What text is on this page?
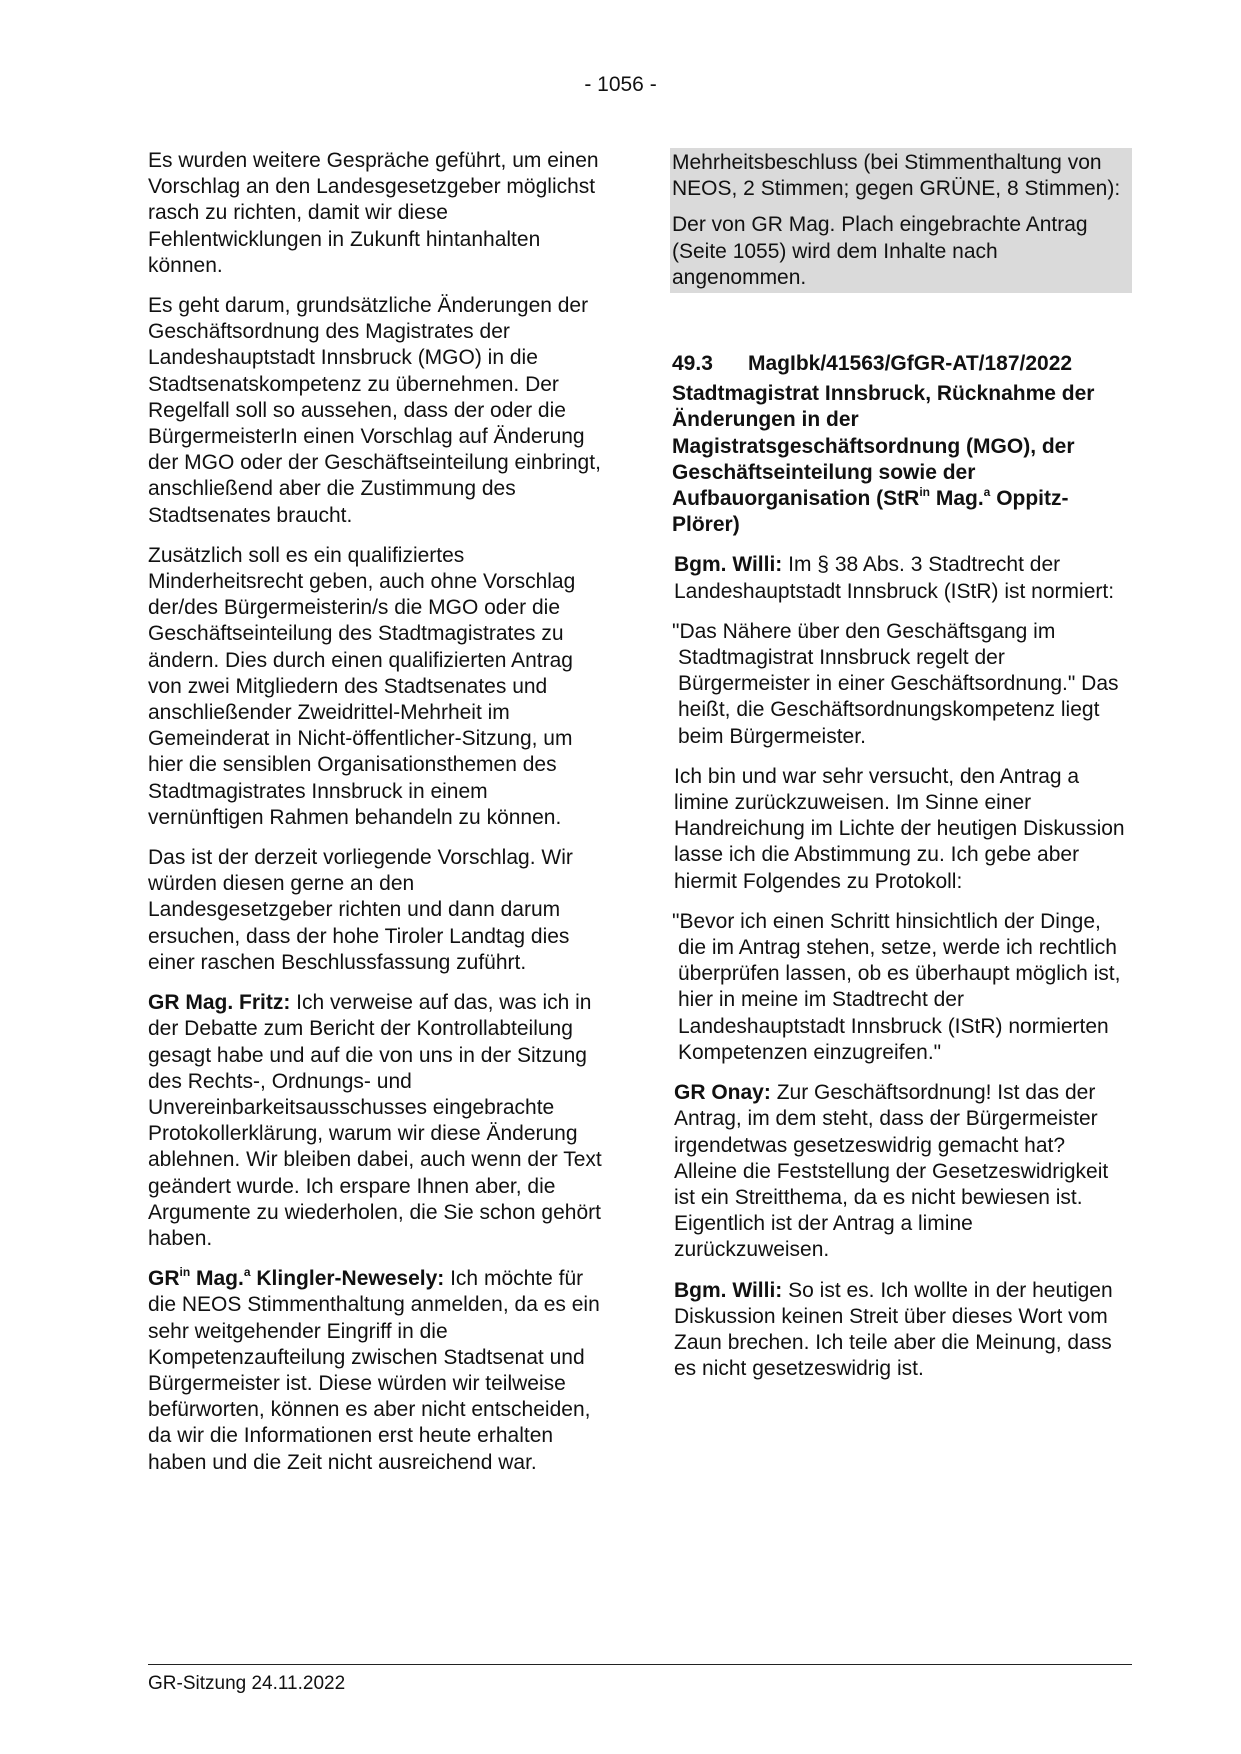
- 1056 -

Es wurden weitere Gespräche geführt, um einen Vorschlag an den Landesgesetzgeber möglichst rasch zu richten, damit wir diese Fehlentwicklungen in Zukunft hintanhalten können.

Es geht darum, grundsätzliche Änderungen der Geschäftsordnung des Magistrates der Landeshauptstadt Innsbruck (MGO) in die Stadtsenatskompetenz zu übernehmen. Der Regelfall soll so aussehen, dass der oder die BürgermeisterIn einen Vorschlag auf Änderung der MGO oder der Geschäftseinteilung einbringt, anschließend aber die Zustimmung des Stadtsenates braucht.

Zusätzlich soll es ein qualifiziertes Minderheitsrecht geben, auch ohne Vorschlag der/des Bürgermeisterin/s die MGO oder die Geschäftseinteilung des Stadtmagistrates zu ändern. Dies durch einen qualifizierten Antrag von zwei Mitgliedern des Stadtsenates und anschließender Zweidrittel-Mehrheit im Gemeinderat in Nicht-öffentlicher-Sitzung, um hier die sensiblen Organisationsthemen des Stadtmagistrates Innsbruck in einem vernünftigen Rahmen behandeln zu können.

Das ist der derzeit vorliegende Vorschlag. Wir würden diesen gerne an den Landesgesetzgeber richten und dann darum ersuchen, dass der hohe Tiroler Landtag dies einer raschen Beschlussfassung zuführt.

GR Mag. Fritz: Ich verweise auf das, was ich in der Debatte zum Bericht der Kontrollabteilung gesagt habe und auf die von uns in der Sitzung des Rechts-, Ordnungs- und Unvereinbarkeitsausschusses eingebrachte Protokollerklärung, warum wir diese Änderung ablehnen. Wir bleiben dabei, auch wenn der Text geändert wurde. Ich erspare Ihnen aber, die Argumente zu wiederholen, die Sie schon gehört haben.

$GR^{in}$ Mag.$^a$ Klingler-Newesely: Ich möchte für die NEOS Stimmenthaltung anmelden, da es ein sehr weitgehender Eingriff in die Kompetenzaufteilung zwischen Stadtsenat und Bürgermeister ist. Diese würden wir teilweise befürworten, können es aber nicht entscheiden, da wir die Informationen erst heute erhalten haben und die Zeit nicht ausreichend war.

Mehrheitsbeschluss (bei Stimmenthaltung von NEOS, 2 Stimmen; gegen GRÜNE, 8 Stimmen):

Der von GR Mag. Plach eingebrachte Antrag (Seite 1055) wird dem Inhalte nach angenommen.

49.3	MagIbk/41563/GfGR-AT/187/2022

Stadtmagistrat Innsbruck, Rücknahme der Änderungen in der Magistratsgeschäftsordnung (MGO), der Geschäftseinteilung sowie der Aufbauorganisation (StR$^{in}$ Mag.$^a$ Oppitz-Plörer)

Bgm. Willi: Im § 38 Abs. 3 Stadtrecht der Landeshauptstadt Innsbruck (IStR) ist normiert:

"Das Nähere über den Geschäftsgang im Stadtmagistrat Innsbruck regelt der Bürgermeister in einer Geschäftsordnung." Das heißt, die Geschäftsordnungskompetenz liegt beim Bürgermeister.

Ich bin und war sehr versucht, den Antrag a limine zurückzuweisen. Im Sinne einer Handreichung im Lichte der heutigen Diskussion lasse ich die Abstimmung zu. Ich gebe aber hiermit Folgendes zu Protokoll:

"Bevor ich einen Schritt hinsichtlich der Dinge, die im Antrag stehen, setze, werde ich rechtlich überprüfen lassen, ob es überhaupt möglich ist, hier in meine im Stadtrecht der Landeshauptstadt Innsbruck (IStR) normierten Kompetenzen einzugreifen."

GR Onay: Zur Geschäftsordnung! Ist das der Antrag, im dem steht, dass der Bürgermeister irgendetwas gesetzeswidrig gemacht hat? Alleine die Feststellung der Gesetzeswidrigkeit ist ein Streitthema, da es nicht bewiesen ist. Eigentlich ist der Antrag a limine zurückzuweisen.

Bgm. Willi: So ist es. Ich wollte in der heutigen Diskussion keinen Streit über dieses Wort vom Zaun brechen. Ich teile aber die Meinung, dass es nicht gesetzeswidrig ist.

GR-Sitzung 24.11.2022
